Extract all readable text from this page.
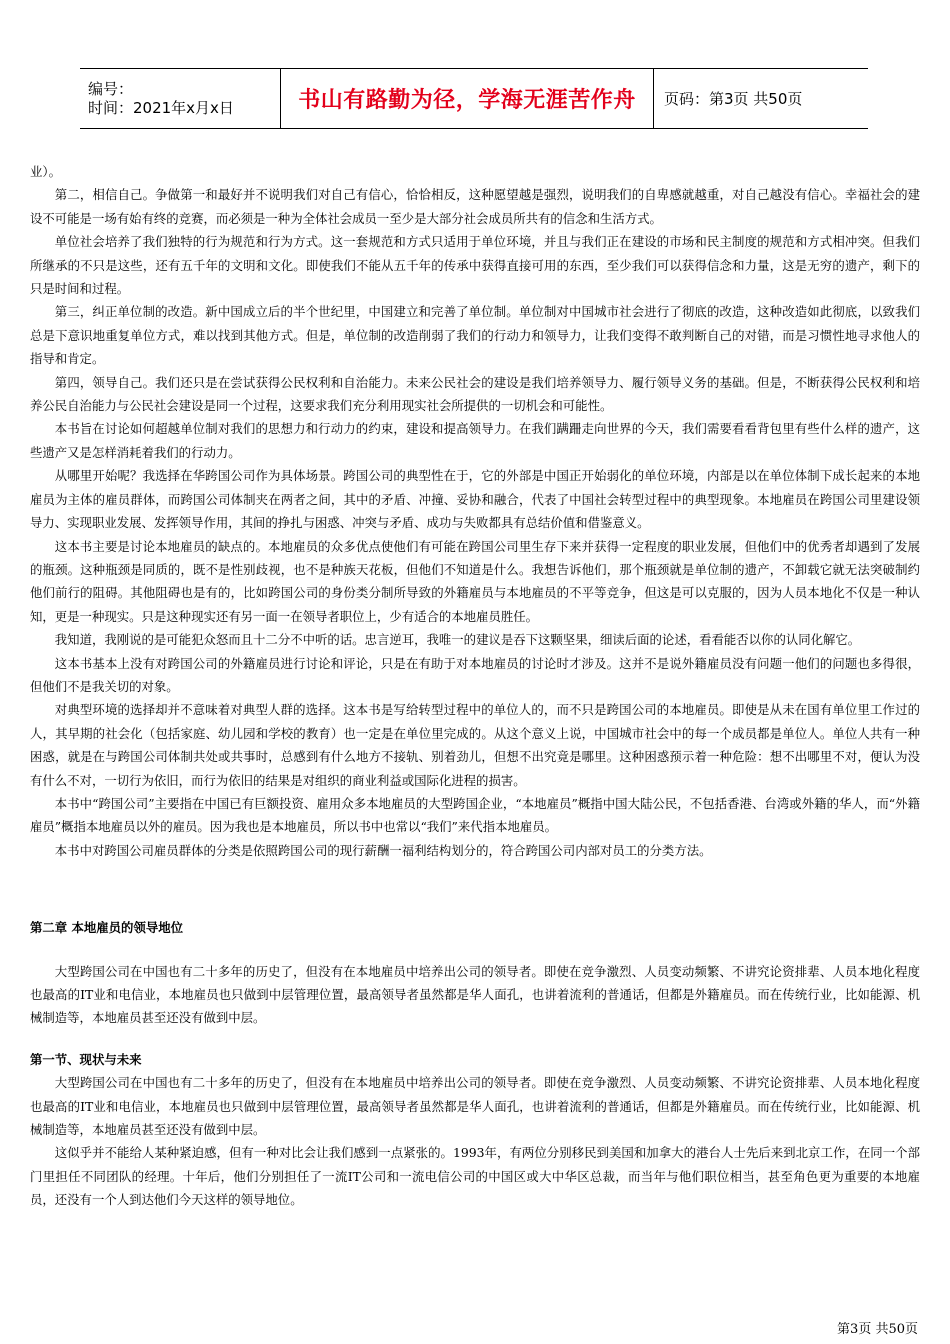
编号：
时间：2021年x月x日	书山有路勤为径，学海无涯苦作舟 页码：第3页 共50页

业）。

第二，相信自己。争做第一和最好并不说明我们对自己有信心，恰恰相反，这种愿望越是强烈，说明我们的自卑感就越重，对自己越没有信心。幸福社会的建设不可能是一场有始有终的竞赛，而必须是一种为全体社会成员一至少是大部分社会成员所共有的信念和生活方式。

单位社会培养了我们独特的行为规范和行为方式。这一套规范和方式只适用于单位环境，并且与我们正在建设的市场和民主制度的规范和方式相冲突。但我们所继承的不只是这些，还有五千年的文明和文化。即使我们不能从五千年的传承中获得直接可用的东西，至少我们可以获得信念和力量，这是无穷的遗产，剩下的只是时间和过程。

第三，纠正单位制的改造。新中国成立后的半个世纪里，中国建立和完善了单位制。单位制对中国城市社会进行了彻底的改造，这种改造如此彻底，以致我们总是下意识地重复单位方式，难以找到其他方式。但是，单位制的改造削弱了我们的行动力和领导力，让我们变得不敢判断自己的对错，而是习惯性地寻求他人的指导和肯定。

第四，领导自己。我们还只是在尝试获得公民权利和自治能力。未来公民社会的建设是我们培养领导力、履行领导义务的基础。但是，不断获得公民权利和培养公民自治能力与公民社会建设是同一个过程，这要求我们充分利用现实社会所提供的一切机会和可能性。

本书旨在讨论如何超越单位制对我们的思想力和行动力的约束，建设和提高领导力。在我们蹒跚走向世界的今天，我们需要看看背包里有些什么样的遗产，这些遗产又是怎样消耗着我们的行动力。

从哪里开始呢？我选择在华跨国公司作为具体场景。跨国公司的典型性在于，它的外部是中国正开始弱化的单位环境，内部是以在单位体制下成长起来的本地雇员为主体的雇员群体，而跨国公司体制夹在两者之间，其中的矛盾、冲撞、妥协和融合，代表了中国社会转型过程中的典型现象。本地雇员在跨国公司里建设领导力、实现职业发展、发挥领导作用，其间的挣扎与困惑、冲突与矛盾、成功与失败都具有总结价值和借鉴意义。

这本书主要是讨论本地雇员的缺点的。本地雇员的众多优点使他们有可能在跨国公司里生存下来并获得一定程度的职业发展，但他们中的优秀者却遇到了发展的瓶颈。这种瓶颈是同质的，既不是性别歧视，也不是种族天花板，但他们不知道是什么。我想告诉他们，那个瓶颈就是单位制的遗产，不卸载它就无法突破制约他们前行的阻碍。其他阻碍也是有的，比如跨国公司的身份类分制所导致的外籍雇员与本地雇员的不平等竞争，但这是可以克服的，因为人员本地化不仅是一种认知，更是一种现实。只是这种现实还有另一面一在领导者职位上，少有适合的本地雇员胜任。

我知道，我刚说的是可能犯众怒而且十二分不中听的话。忠言逆耳，我唯一的建议是吞下这颗坚果，细读后面的论述，看看能否以你的认同化解它。

这本书基本上没有对跨国公司的外籍雇员进行讨论和评论，只是在有助于对本地雇员的讨论时才涉及。这并不是说外籍雇员没有问题一他们的问题也多得很，但他们不是我关切的对象。

对典型环境的选择却并不意味着对典型人群的选择。这本书是写给转型过程中的单位人的，而不只是跨国公司的本地雇员。即使是从未在国有单位里工作过的人，其早期的社会化（包括家庭、幼儿园和学校的教育）也一定是在单位里完成的。从这个意义上说，中国城市社会中的每一个成员都是单位人。单位人共有一种困惑，就是在与跨国公司体制共处或共事时，总感到有什么地方不接轨、别着劲儿，但想不出究竟是哪里。这种困惑预示着一种危险：想不出哪里不对，便认为没有什么不对，一切行为依旧，而行为依旧的结果是对组织的商业利益或国际化进程的损害。

本书中“跨国公司”主要指在中国已有巨额投资、雇用众多本地雇员的大型跨国企业，“本地雇员”概指中国大陆公民，不包括香港、台湾或外籍的华人，而“外籍雇员”概指本地雇员以外的雇员。因为我也是本地雇员，所以书中也常以“我们”来代指本地雇员。

本书中对跨国公司雇员群体的分类是依照跨国公司的现行薪酬一福利结构划分的，符合跨国公司内部对员工的分类方法。

第二章 本地雇员的领导地位

大型跨国公司在中国也有二十多年的历史了，但没有在本地雇员中培养出公司的领导者。即使在竞争激烈、人员变动频繁、不讲究论资排辈、人员本地化程度也最高的IT业和电信业，本地雇员也只做到中层管理位置，最高领导者虽然都是华人面孔，也讲着流利的普通话，但都是外籍雇员。而在传统行业，比如能源、机械制造等，本地雇员甚至还没有做到中层。

第一节、现状与未来

大型跨国公司在中国也有二十多年的历史了，但没有在本地雇员中培养出公司的领导者。即使在竞争激烈、人员变动频繁、不讲究论资排辈、人员本地化程度也最高的IT业和电信业，本地雇员也只做到中层管理位置，最高领导者虽然都是华人面孔，也讲着流利的普通话，但都是外籍雇员。而在传统行业，比如能源、机械制造等，本地雇员甚至还没有做到中层。

这似乎并不能给人某种紧迫感，但有一种对比会让我们感到一点紧张的。1993年，有两位分别移民到美国和加拿大的港台人士先后来到北京工作，在同一个部门里担任不同团队的经理。十年后，他们分别担任了一流IT公司和一流电信公司的中国区或大中华区总裁，而当年与他们职位相当，甚至角色更为重要的本地雇员，还没有一个人到达他们今天这样的领导地位。

第3页 共50页
